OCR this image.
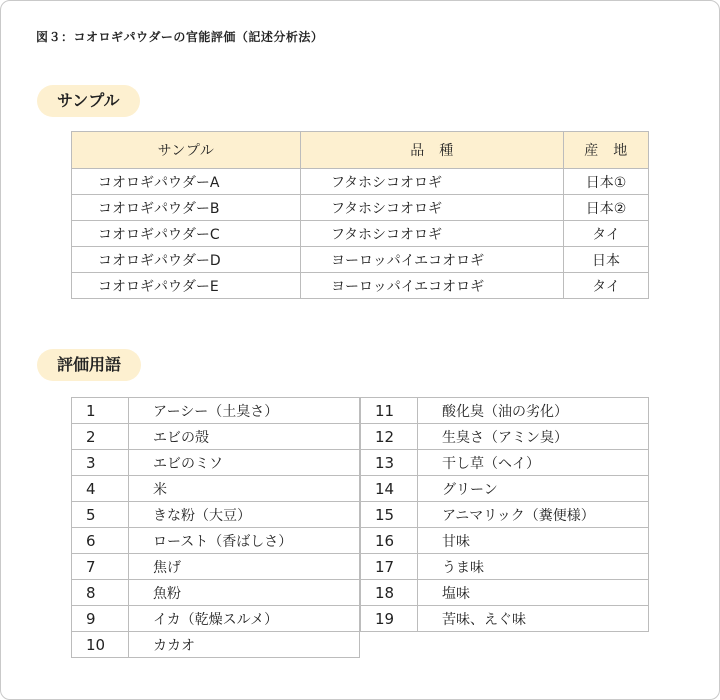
図３：コオロギパウダーの官能評価（記述分析法）
サンプル
サンプル	品　種	産　地
コオロギパウダーA	フタホシコオロギ	日本①
コオロギパウダーB	フタホシコオロギ	日本②
コオロギパウダーC	フタホシコオロギ	タイ
コオロギパウダーD	ヨーロッパイエコオロギ	日本
コオロギパウダーE	ヨーロッパイエコオロギ	タイ
評価用語
1	アーシー（土臭さ）
2	エビの殻
3	エビのミソ
4	米
5	きな粉（大豆）
6	ロースト（香ばしさ）
7	焦げ
8	魚粉
9	イカ（乾燥スルメ）
10	カカオ
11	酸化臭（油の劣化）
12	生臭さ（アミン臭）
13	干し草（ヘイ）
14	グリーン
15	アニマリック（糞便様）
16	甘味
17	うま味
18	塩味
19	苦味、えぐ味
